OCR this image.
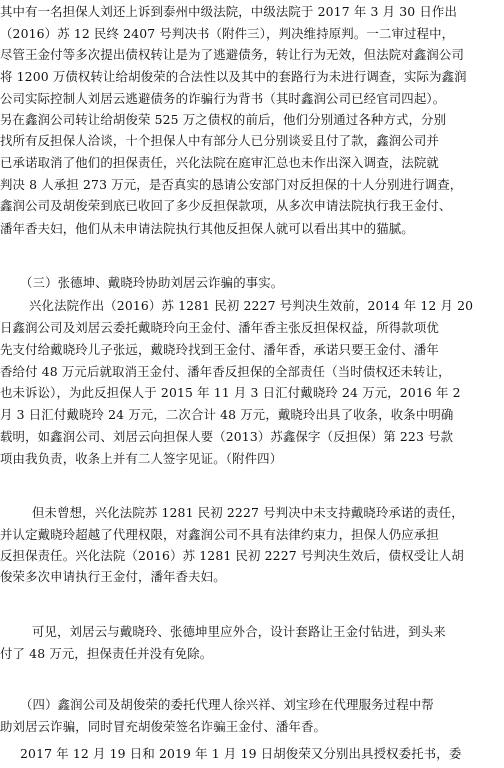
其中有一名担保人刘还上诉到泰州中级法院，中级法院于 2017 年 3 月 30 日作出
（2016）苏 12 民终 2407 号判决书（附件三），判决维持原判。一二审过程中，
尽管王金付等多次提出债权转让是为了逃避债务，转让行为无效，但法院对鑫润公司
将 1200 万债权转让给胡俊荣的合法性以及其中的套路行为未进行调查，实际为鑫润
公司实际控制人刘居云逃避债务的诈骗行为背书（其时鑫润公司已经官司四起）。
另在鑫润公司转让给胡俊荣 525 万之债权的前后，他们分别通过各种方式，分别
找所有反担保人洽谈，十个担保人中有部分人已分别谈妥且付了款，鑫润公司并
已承诺取消了他们的担保责任，兴化法院在庭审汇总也未作出深入调查，法院就
判决 8 人承担 273 万元，是否真实的恳请公安部门对反担保的十人分别进行调查，
鑫润公司及胡俊荣到底已收回了多少反担保款项，从多次申请法院执行我王金付、
潘年香夫妇，他们从未申请法院执行其他反担保人就可以看出其中的猫腻。
（三）张德坤、戴晓玲协助刘居云诈骗的事实。
兴化法院作出（2016）苏 1281 民初 2227 号判决生效前，2014 年 12 月 20
日鑫润公司及刘居云委托戴晓玲向王金付、潘年香主张反担保权益，所得款项优
先支付给戴晓玲儿子张远，戴晓玲找到王金付、潘年香，承诺只要王金付、潘年
香给付 48 万元后就取消王金付、潘年香反担保的全部责任（当时债权还未转让，
也未诉讼），为此反担保人于 2015 年 11 月 3 日汇付戴晓玲 24 万元，2016 年 2
月 3 日汇付戴晓玲 24 万元，二次合计 48 万元，戴晓玲出具了收条，收条中明确
载明，如鑫润公司、刘居云向担保人要（2013）苏鑫保字（反担保）第 223 号款
项由我负责，收条上并有二人签字见证。（附件四）
但未曾想，兴化法院苏 1281 民初 2227 号判决中未支持戴晓玲承诺的责任，
并认定戴晓玲超越了代理权限，对鑫润公司不具有法律约束力，担保人仍应承担
反担保责任。兴化法院（2016）苏 1281 民初 2227 号判决生效后，债权受让人胡
俊荣多次申请执行王金付，潘年香夫妇。
可见，刘居云与戴晓玲、张德坤里应外合，设计套路让王金付钻进，到头来
付了 48 万元，担保责任并没有免除。
（四）鑫润公司及胡俊荣的委托代理人徐兴祥、刘宝珍在代理服务过程中帮
助刘居云诈骗，同时冒充胡俊荣签名诈骗王金付、潘年香。
2017 年 12 月 19 日和 2019 年 1 月 19 日胡俊荣又分别出具授权委托书，委
